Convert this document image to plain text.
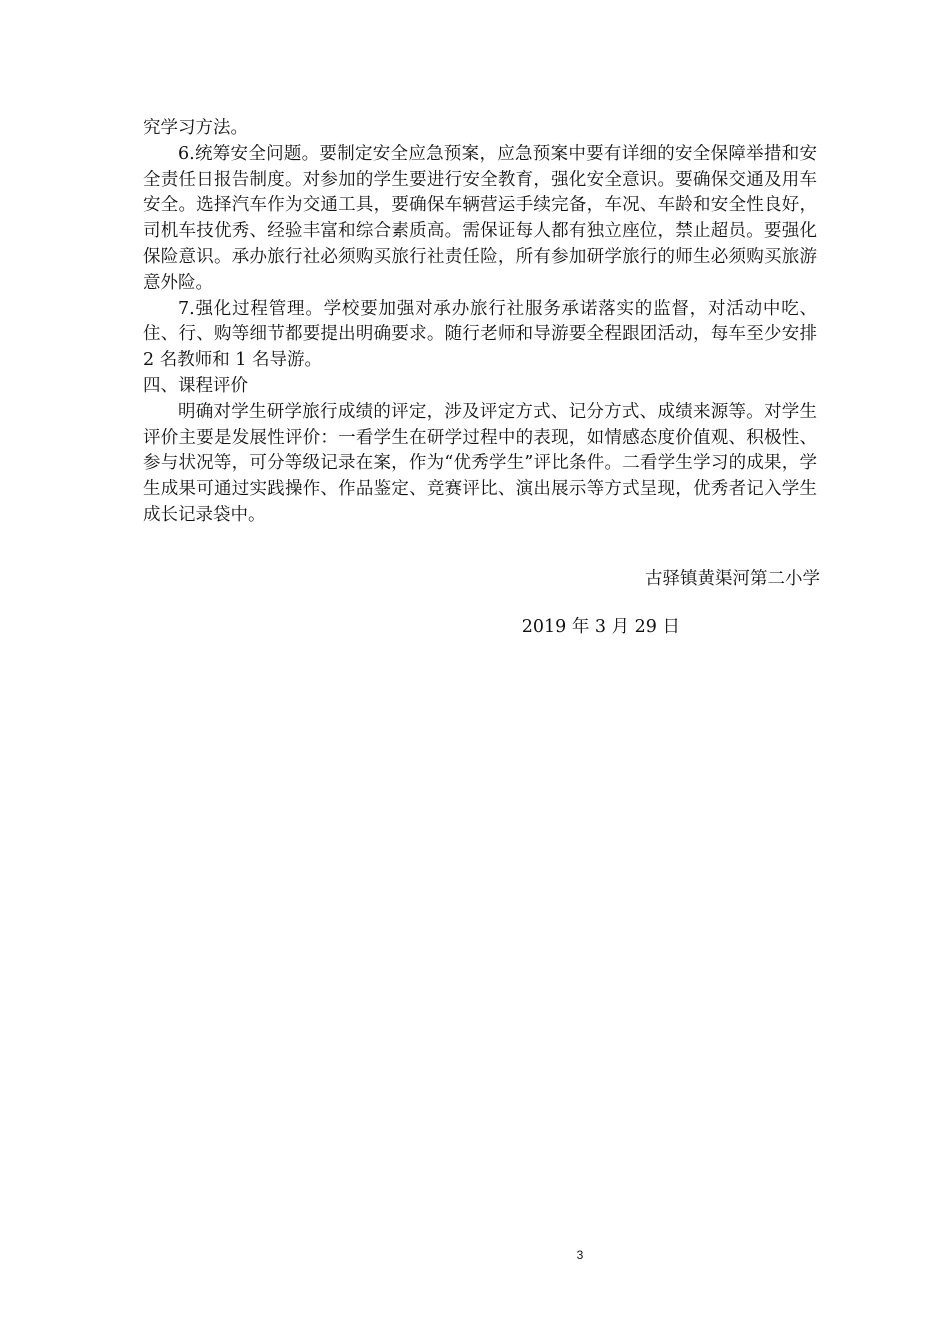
究学习方法。

6.统筹安全问题。要制定安全应急预案，应急预案中要有详细的安全保障举措和安全责任日报告制度。对参加的学生要进行安全教育，强化安全意识。要确保交通及用车安全。选择汽车作为交通工具，要确保车辆营运手续完备，车况、车龄和安全性良好，司机车技优秀、经验丰富和综合素质高。需保证每人都有独立座位，禁止超员。要强化保险意识。承办旅行社必须购买旅行社责任险，所有参加研学旅行的师生必须购买旅游意外险。

7.强化过程管理。学校要加强对承办旅行社服务承诺落实的监督，对活动中吃、住、行、购等细节都要提出明确要求。随行老师和导游要全程跟团活动，每车至少安排 2 名教师和 1 名导游。

四、课程评价

明确对学生研学旅行成绩的评定，涉及评定方式、记分方式、成绩来源等。对学生评价主要是发展性评价：一看学生在研学过程中的表现，如情感态度价值观、积极性、参与状况等，可分等级记录在案，作为“优秀学生”评比条件。二看学生学习的成果，学生成果可通过实践操作、作品鉴定、竞赛评比、演出展示等方式呈现，优秀者记入学生成长记录袋中。

古驿镇黄渠河第二小学
2019 年 3 月 29 日
3
